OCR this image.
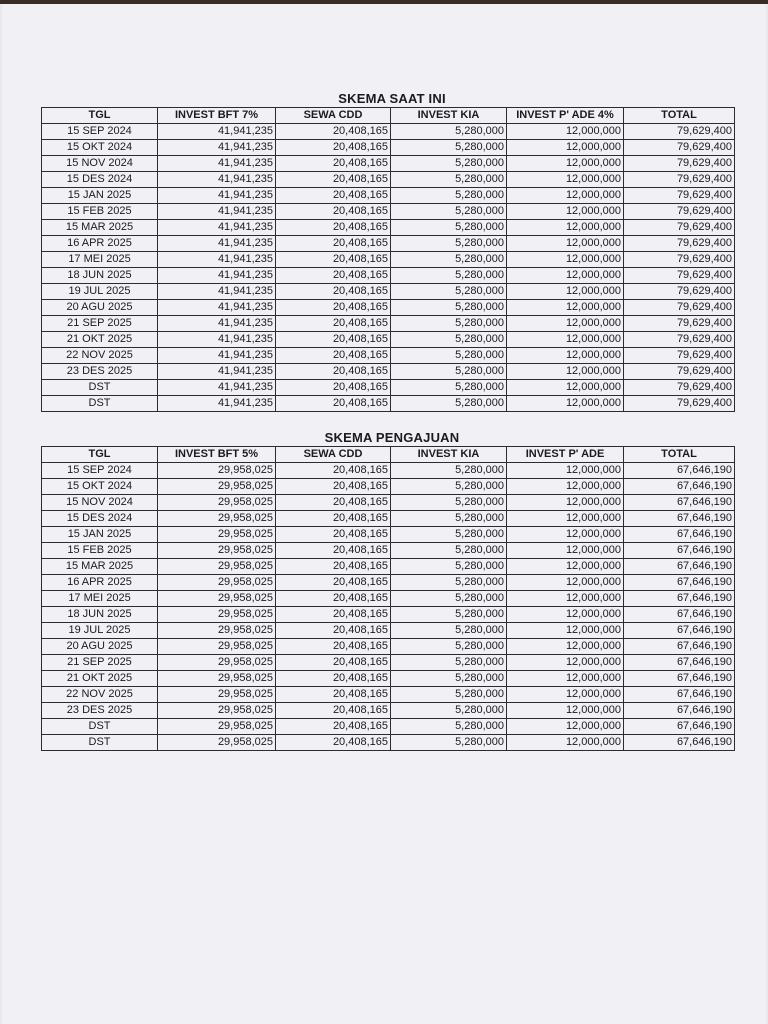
SKEMA SAAT INI
TGL	INVEST BFT 7%	SEWA CDD	INVEST KIA	INVEST P' ADE 4%	TOTAL
15 SEP 2024	41,941,235	20,408,165	5,280,000	12,000,000	79,629,400
15 OKT 2024	41,941,235	20,408,165	5,280,000	12,000,000	79,629,400
15 NOV 2024	41,941,235	20,408,165	5,280,000	12,000,000	79,629,400
15 DES 2024	41,941,235	20,408,165	5,280,000	12,000,000	79,629,400
15 JAN 2025	41,941,235	20,408,165	5,280,000	12,000,000	79,629,400
15 FEB 2025	41,941,235	20,408,165	5,280,000	12,000,000	79,629,400
15 MAR 2025	41,941,235	20,408,165	5,280,000	12,000,000	79,629,400
16 APR 2025	41,941,235	20,408,165	5,280,000	12,000,000	79,629,400
17 MEI 2025	41,941,235	20,408,165	5,280,000	12,000,000	79,629,400
18 JUN 2025	41,941,235	20,408,165	5,280,000	12,000,000	79,629,400
19 JUL 2025	41,941,235	20,408,165	5,280,000	12,000,000	79,629,400
20 AGU 2025	41,941,235	20,408,165	5,280,000	12,000,000	79,629,400
21 SEP 2025	41,941,235	20,408,165	5,280,000	12,000,000	79,629,400
21 OKT 2025	41,941,235	20,408,165	5,280,000	12,000,000	79,629,400
22 NOV 2025	41,941,235	20,408,165	5,280,000	12,000,000	79,629,400
23 DES 2025	41,941,235	20,408,165	5,280,000	12,000,000	79,629,400
DST	41,941,235	20,408,165	5,280,000	12,000,000	79,629,400
DST	41,941,235	20,408,165	5,280,000	12,000,000	79,629,400
SKEMA PENGAJUAN
TGL	INVEST BFT 5%	SEWA CDD	INVEST KIA	INVEST P' ADE	TOTAL
15 SEP 2024	29,958,025	20,408,165	5,280,000	12,000,000	67,646,190
15 OKT 2024	29,958,025	20,408,165	5,280,000	12,000,000	67,646,190
15 NOV 2024	29,958,025	20,408,165	5,280,000	12,000,000	67,646,190
15 DES 2024	29,958,025	20,408,165	5,280,000	12,000,000	67,646,190
15 JAN 2025	29,958,025	20,408,165	5,280,000	12,000,000	67,646,190
15 FEB 2025	29,958,025	20,408,165	5,280,000	12,000,000	67,646,190
15 MAR 2025	29,958,025	20,408,165	5,280,000	12,000,000	67,646,190
16 APR 2025	29,958,025	20,408,165	5,280,000	12,000,000	67,646,190
17 MEI 2025	29,958,025	20,408,165	5,280,000	12,000,000	67,646,190
18 JUN 2025	29,958,025	20,408,165	5,280,000	12,000,000	67,646,190
19 JUL 2025	29,958,025	20,408,165	5,280,000	12,000,000	67,646,190
20 AGU 2025	29,958,025	20,408,165	5,280,000	12,000,000	67,646,190
21 SEP 2025	29,958,025	20,408,165	5,280,000	12,000,000	67,646,190
21 OKT 2025	29,958,025	20,408,165	5,280,000	12,000,000	67,646,190
22 NOV 2025	29,958,025	20,408,165	5,280,000	12,000,000	67,646,190
23 DES 2025	29,958,025	20,408,165	5,280,000	12,000,000	67,646,190
DST	29,958,025	20,408,165	5,280,000	12,000,000	67,646,190
DST	29,958,025	20,408,165	5,280,000	12,000,000	67,646,190
